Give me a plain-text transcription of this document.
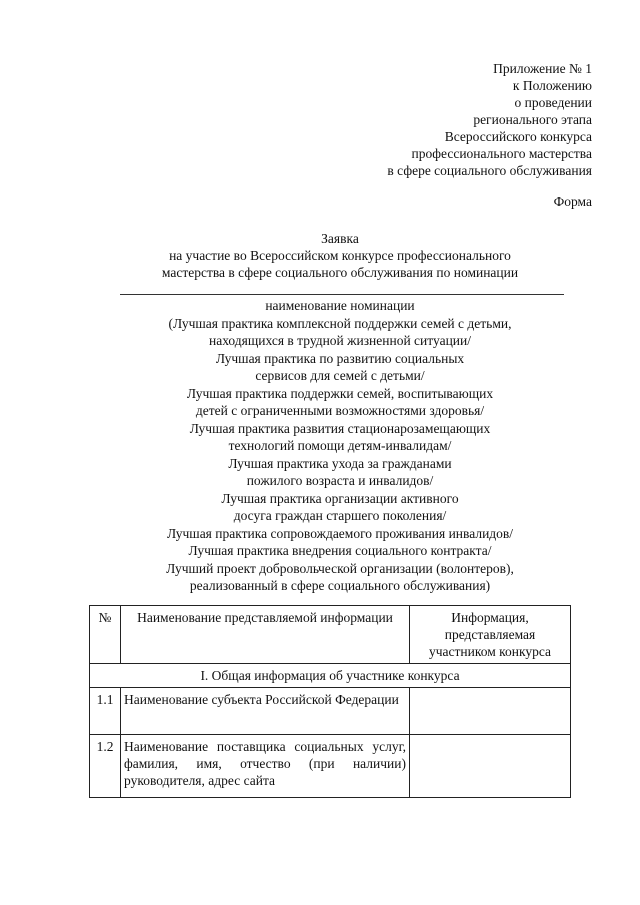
Приложение № 1
к Положению
о проведении
регионального этапа
Всероссийского конкурса
профессионального мастерства
в сфере социального обслуживания
Форма
Заявка
на участие во Всероссийском конкурсе профессионального
мастерства в сфере социального обслуживания по номинации
наименование номинации
(Лучшая практика комплексной поддержки семей с детьми,
находящихся в трудной жизненной ситуации/
Лучшая практика по развитию социальных
сервисов для семей с детьми/
Лучшая практика поддержки семей, воспитывающих
детей с ограниченными возможностями здоровья/
Лучшая практика развития стационарозамещающих
технологий помощи детям-инвалидам/
Лучшая практика ухода за гражданами
пожилого возраста и инвалидов/
Лучшая практика организации активного
досуга граждан старшего поколения/
Лучшая практика сопровождаемого проживания инвалидов/
Лучшая практика внедрения социального контракта/
Лучший проект добровольческой организации (волонтеров),
реализованный в сфере социального обслуживания)
№	Наименование представляемой информации	Информация, представляемая участником конкурса
I. Общая информация об участнике конкурса		
1.1	Наименование субъекта Российской Федерации	
1.2	Наименование поставщика социальных услуг, фамилия, имя, отчество (при наличии) руководителя, адрес сайта	
